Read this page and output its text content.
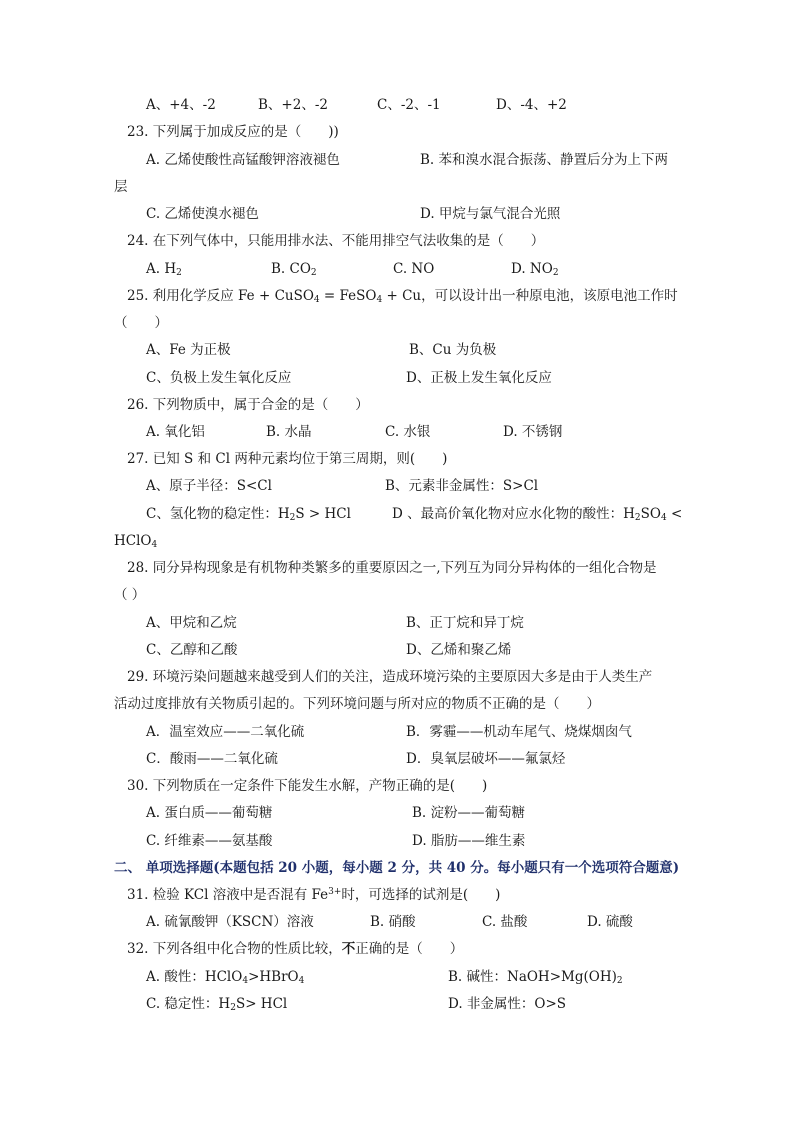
A、+4、-2	B、+2、-2	C、-2、-1	D、-4、+2
23. 下列属于加成反应的是（　　))
A. 乙烯使酸性高锰酸钾溶液褪色	B. 苯和溴水混合振荡、静置后分为上下两
层
C. 乙烯使溴水褪色	D. 甲烷与氯气混合光照
24. 在下列气体中，只能用排水法、不能用排空气法收集的是（　　）
A. $H_2$	B. $CO_2$	C. NO	D. $NO_2$
25. 利用化学反应 Fe + CuSO$_4$ = FeSO$_4$ + Cu，可以设计出一种原电池，该原电池工作时
（　　）
A、Fe 为正极	B、Cu 为负极
C、负极上发生氧化反应	D、正极上发生氧化反应
26. 下列物质中，属于合金的是（　　）
A. 氧化铝	B. 水晶	C. 水银	D. 不锈钢
27. 已知 S 和 Cl 两种元素均位于第三周期，则(　　)
A、原子半径：S<Cl	B、元素非金属性：S>Cl
C、氢化物的稳定性：$H_2S$ > HCl	D 、最高价氧化物对应水化物的酸性：$H_2SO_4$ <
HClO$_4$
28. 同分异构现象是有机物种类繁多的重要原因之一,下列互为同分异构体的一组化合物是
（ ）
A、甲烷和乙烷	B、正丁烷和异丁烷
C、乙醇和乙酸	D、乙烯和聚乙烯
29. 环境污染问题越来越受到人们的关注，造成环境污染的主要原因大多是由于人类生产
活动过度排放有关物质引起的。下列环境问题与所对应的物质不正确的是（　　）
A．温室效应——二氧化硫	B．雾霾——机动车尾气、烧煤烟囱气
C．酸雨——二氧化硫	D．臭氧层破坏——氟氯烃
30. 下列物质在一定条件下能发生水解，产物正确的是(　　)
A. 蛋白质——葡萄糖	B. 淀粉——葡萄糖
C. 纤维素——氨基酸	D. 脂肪——维生素
二、 单项选择题(本题包括 20 小题，每小题 2 分，共 40 分。每小题只有一个选项符合题意)
31. 检验 KCl 溶液中是否混有 $Fe^{3+}$时，可选择的试剂是(　　)
A. 硫氰酸钾（KSCN）溶液	B. 硝酸	C. 盐酸	D. 硫酸
32. 下列各组中化合物的性质比较，不正确的是（　　）
A. 酸性：HClO$_4$>HBrO$_4$	B. 碱性：$NaOH>Mg(OH)_2$
C. 稳定性：$H_2S>$ HCl	D. 非金属性：O>S
